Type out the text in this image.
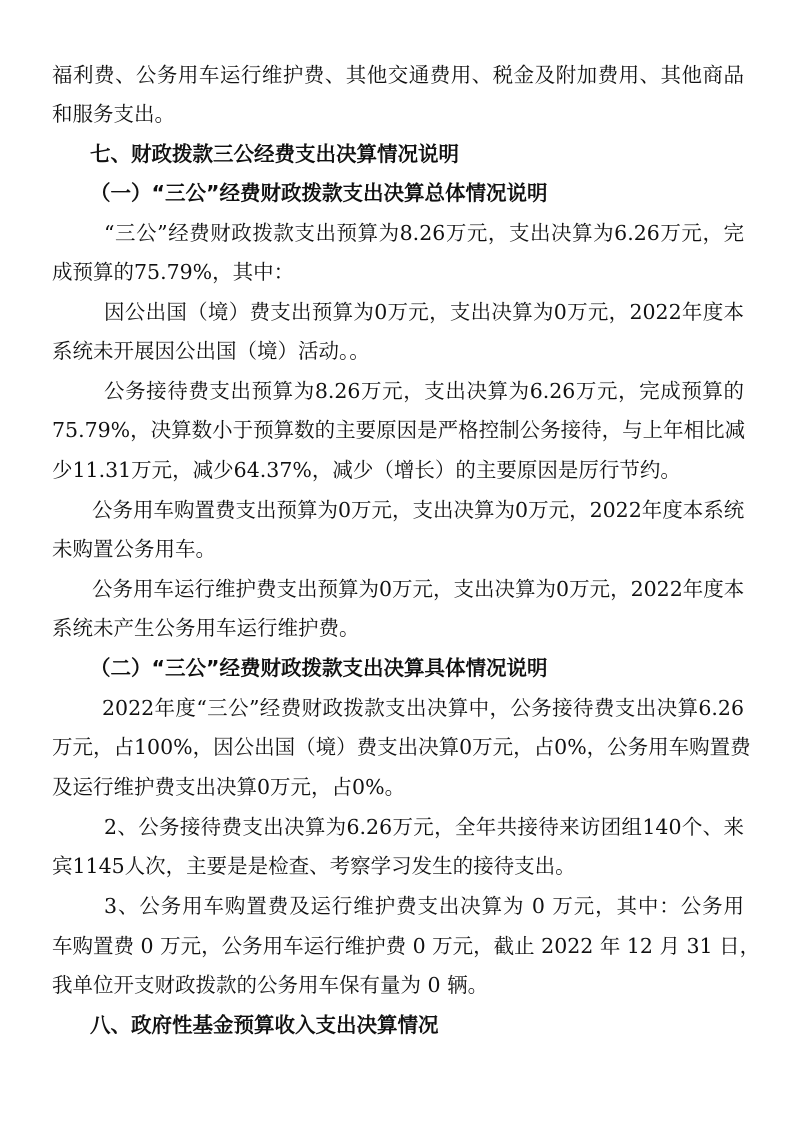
福利费、公务用车运行维护费、其他交通费用、税金及附加费用、其他商品
和服务支出。
七、财政拨款三公经费支出决算情况说明
（一）“三公”经费财政拨款支出决算总体情况说明
“三公”经费财政拨款支出预算为8.26万元，支出决算为6.26万元，完
成预算的75.79%，其中：
因公出国（境）费支出预算为0万元，支出决算为0万元，2022年度本
系统未开展因公出国（境）活动。。
公务接待费支出预算为8.26万元，支出决算为6.26万元，完成预算的
75.79%，决算数小于预算数的主要原因是严格控制公务接待，与上年相比减
少11.31万元，减少64.37%，减少（增长）的主要原因是厉行节约。
公务用车购置费支出预算为0万元，支出决算为0万元，2022年度本系统
未购置公务用车。
公务用车运行维护费支出预算为0万元，支出决算为0万元，2022年度本
系统未产生公务用车运行维护费。
（二）“三公”经费财政拨款支出决算具体情况说明
2022年度“三公”经费财政拨款支出决算中，公务接待费支出决算6.26
万元，占100%，因公出国（境）费支出决算0万元，占0%，公务用车购置费
及运行维护费支出决算0万元，占0%。
2、公务接待费支出决算为6.26万元，全年共接待来访团组140个、来
宾1145人次，主要是是检查、考察学习发生的接待支出。
3、公务用车购置费及运行维护费支出决算为 0 万元，其中：公务用
车购置费 0 万元，公务用车运行维护费 0 万元，截止 2022 年 12 月 31 日，
我单位开支财政拨款的公务用车保有量为 0 辆。
八、政府性基金预算收入支出决算情况
